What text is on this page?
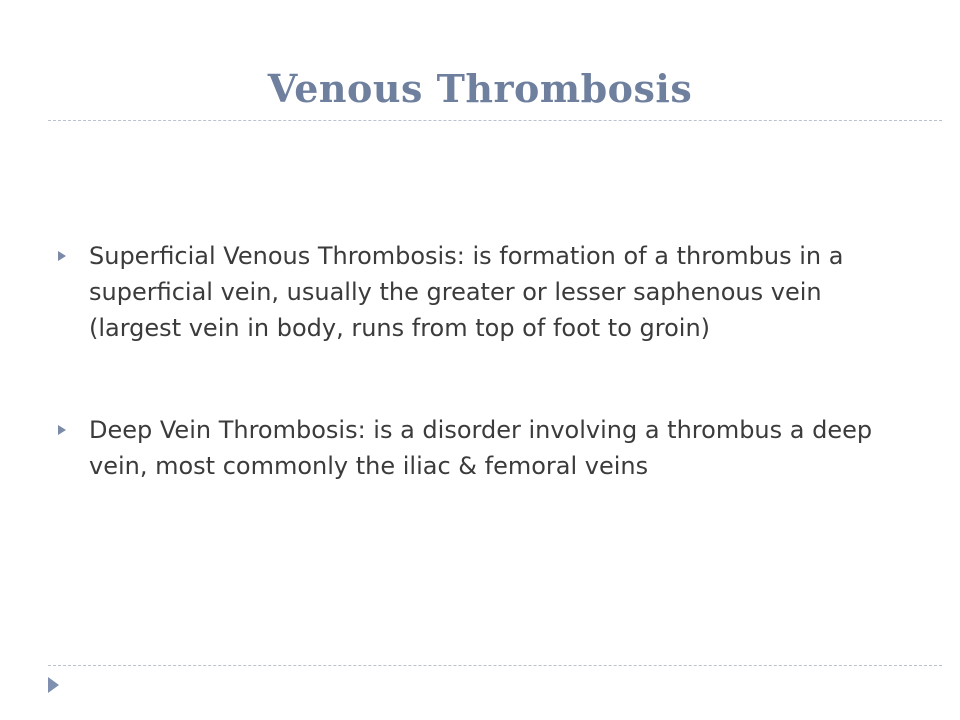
Venous Thrombosis
Superficial Venous Thrombosis: is formation of a thrombus in a superficial vein, usually the greater or lesser saphenous vein (largest vein in body, runs from top of foot to groin)
Deep Vein Thrombosis: is a disorder involving a thrombus a deep vein, most commonly the iliac & femoral veins
